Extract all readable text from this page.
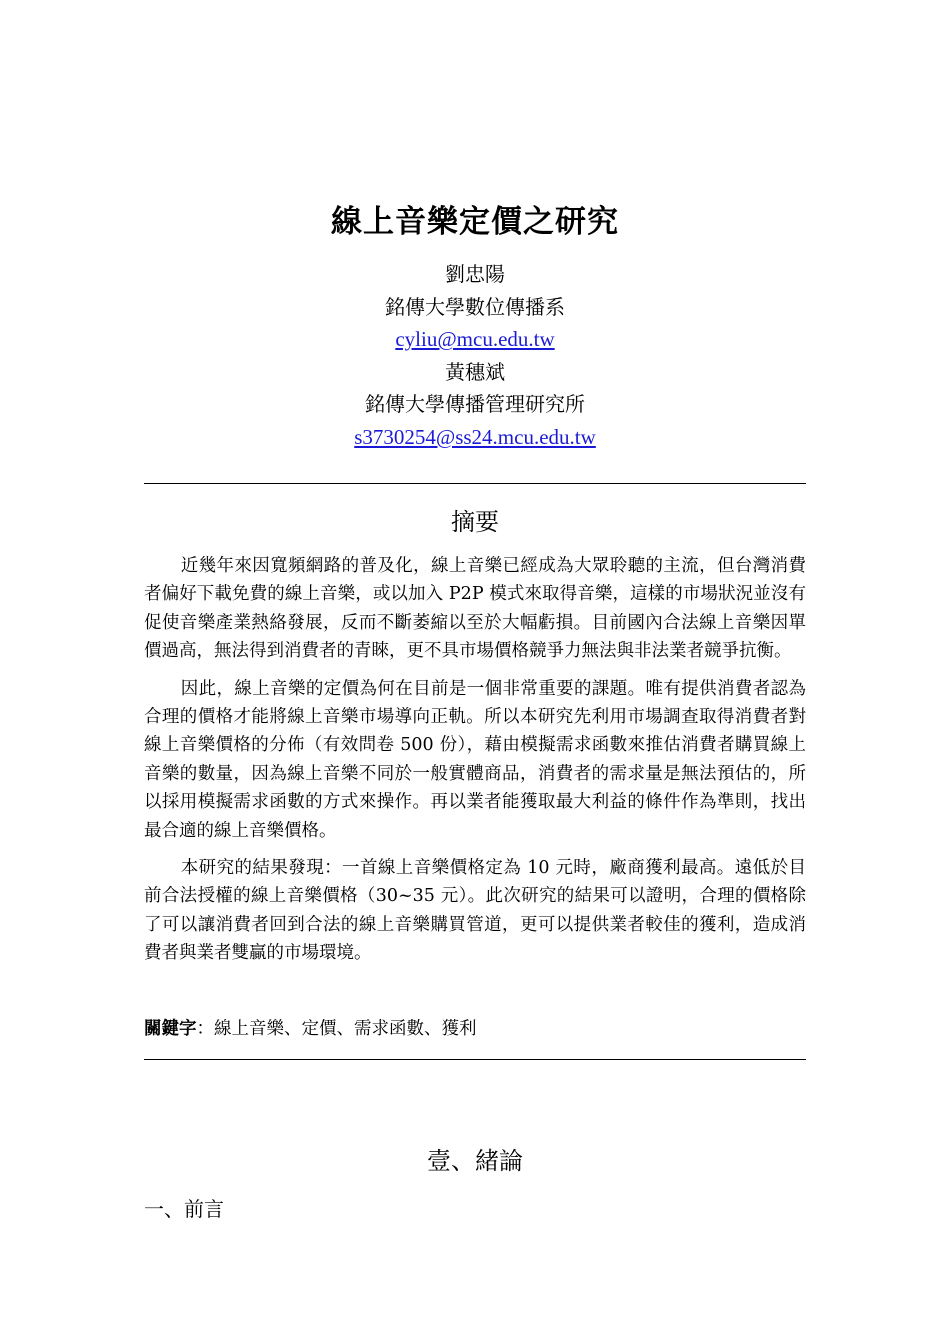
線上音樂定價之研究
劉忠陽
銘傳大學數位傳播系
cyliu@mcu.edu.tw
黃穗斌
銘傳大學傳播管理研究所
s3730254@ss24.mcu.edu.tw
摘要

近幾年來因寬頻網路的普及化，線上音樂已經成為大眾聆聽的主流，但台灣消費者偏好下載免費的線上音樂，或以加入 P2P 模式來取得音樂，這樣的市場狀況並沒有促使音樂產業熱絡發展，反而不斷萎縮以至於大幅虧損。目前國內合法線上音樂因單價過高，無法得到消費者的青睞，更不具市場價格競爭力無法與非法業者競爭抗衡。

因此，線上音樂的定價為何在目前是一個非常重要的課題。唯有提供消費者認為合理的價格才能將線上音樂市場導向正軌。所以本研究先利用市場調查取得消費者對線上音樂價格的分佈（有效問卷 500 份），藉由模擬需求函數來推估消費者購買線上音樂的數量，因為線上音樂不同於一般實體商品，消費者的需求量是無法預估的，所以採用模擬需求函數的方式來操作。再以業者能獲取最大利益的條件作為準則，找出最合適的線上音樂價格。

本研究的結果發現：一首線上音樂價格定為 10 元時，廠商獲利最高。遠低於目前合法授權的線上音樂價格（30~35 元）。此次研究的結果可以證明，合理的價格除了可以讓消費者回到合法的線上音樂購買管道，更可以提供業者較佳的獲利，造成消費者與業者雙贏的市場環境。

關鍵字：線上音樂、定價、需求函數、獲利
壹、緒論
一、前言
